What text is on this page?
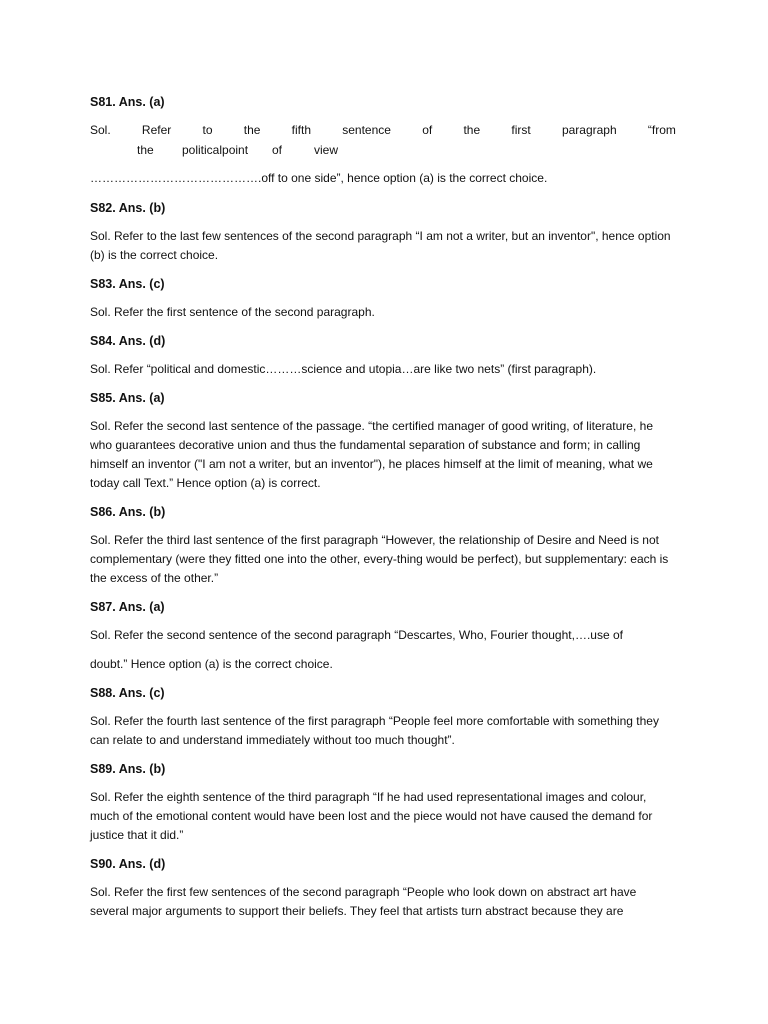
S81. Ans. (a)
Sol.	Refer	to	the	fifth	sentence	of	the	first	paragraph	“from
the	politicalpoint	of	view
…………………………………….off to one side”, hence option (a) is the correct choice.
S82. Ans. (b)
Sol. Refer to the last few sentences of the second paragraph “I am not a writer, but an inventor", hence option (b) is the correct choice.
S83. Ans. (c)
Sol. Refer the first sentence of the second paragraph.
S84. Ans. (d)
Sol. Refer “political and domestic………science and utopia…are like two nets” (first paragraph).
S85. Ans. (a)
Sol. Refer the second last sentence of the passage. “the certified manager of good writing, of literature, he who guarantees decorative union and thus the fundamental separation of substance and form; in calling himself an inventor ("I am not a writer, but an inventor"), he places himself at the limit of meaning, what we today call Text.” Hence option (a) is correct.
S86. Ans. (b)
Sol. Refer the third last sentence of the first paragraph “However, the relationship of Desire and Need is not complementary (were they fitted one into the other, every-thing would be perfect), but supplementary: each is the excess of the other.”
S87. Ans. (a)
Sol. Refer the second sentence of the second paragraph “Descartes, Who, Fourier thought,….use of
doubt.” Hence option (a) is the correct choice.
S88. Ans. (c)
Sol. Refer the fourth last sentence of the first paragraph “People feel more comfortable with something they can relate to and understand immediately without too much thought”.
S89. Ans. (b)
Sol. Refer the eighth sentence of the third paragraph “If he had used representational images and colour, much of the emotional content would have been lost and the piece would not have caused the demand for justice that it did.”
S90. Ans. (d)
Sol. Refer the first few sentences of the second paragraph “People who look down on abstract art have several major arguments to support their beliefs. They feel that artists turn abstract because they are
